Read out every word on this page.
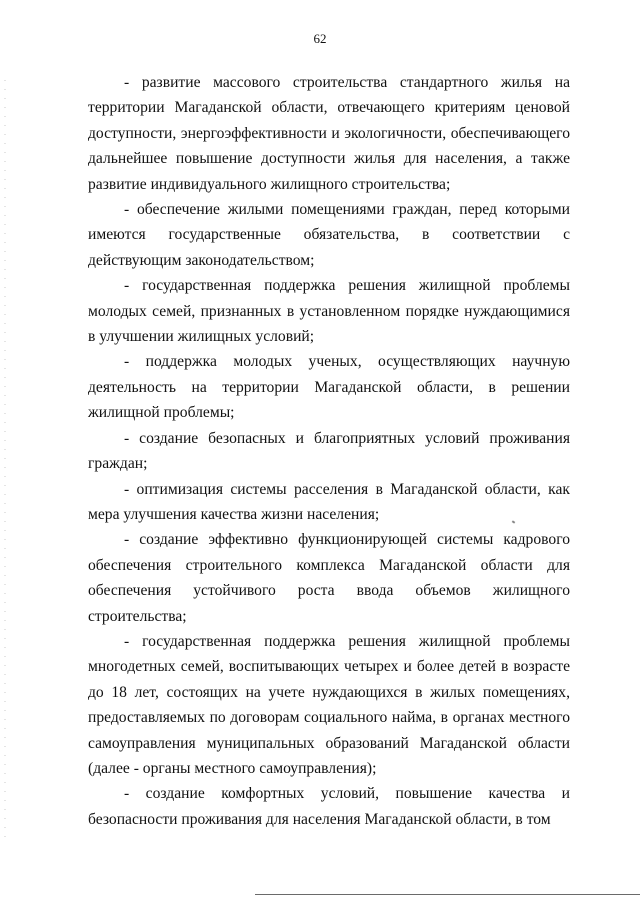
62

- развитие массового строительства стандартного жилья на территории Магаданской области, отвечающего критериям ценовой доступности, энергоэффективности и экологичности, обеспечивающего дальнейшее повышение доступности жилья для населения, а также развитие индивидуального жилищного строительства;

- обеспечение жилыми помещениями граждан, перед которыми имеются государственные обязательства, в соответствии с действующим законодательством;

- государственная поддержка решения жилищной проблемы молодых семей, признанных в установленном порядке нуждающимися в улучшении жилищных условий;

- поддержка молодых ученых, осуществляющих научную деятельность на территории Магаданской области, в решении жилищной проблемы;

- создание безопасных и благоприятных условий проживания граждан;

- оптимизация системы расселения в Магаданской области, как мера улучшения качества жизни населения;

- создание эффективно функционирующей системы кадрового обеспечения строительного комплекса Магаданской области для обеспечения устойчивого роста ввода объемов жилищного строительства;

- государственная поддержка решения жилищной проблемы многодетных семей, воспитывающих четырех и более детей в возрасте до 18 лет, состоящих на учете нуждающихся в жилых помещениях, предоставляемых по договорам социального найма, в органах местного самоуправления муниципальных образований Магаданской области (далее - органы местного самоуправления);

- создание комфортных условий, повышение качества и безопасности проживания для населения Магаданской области, в том
